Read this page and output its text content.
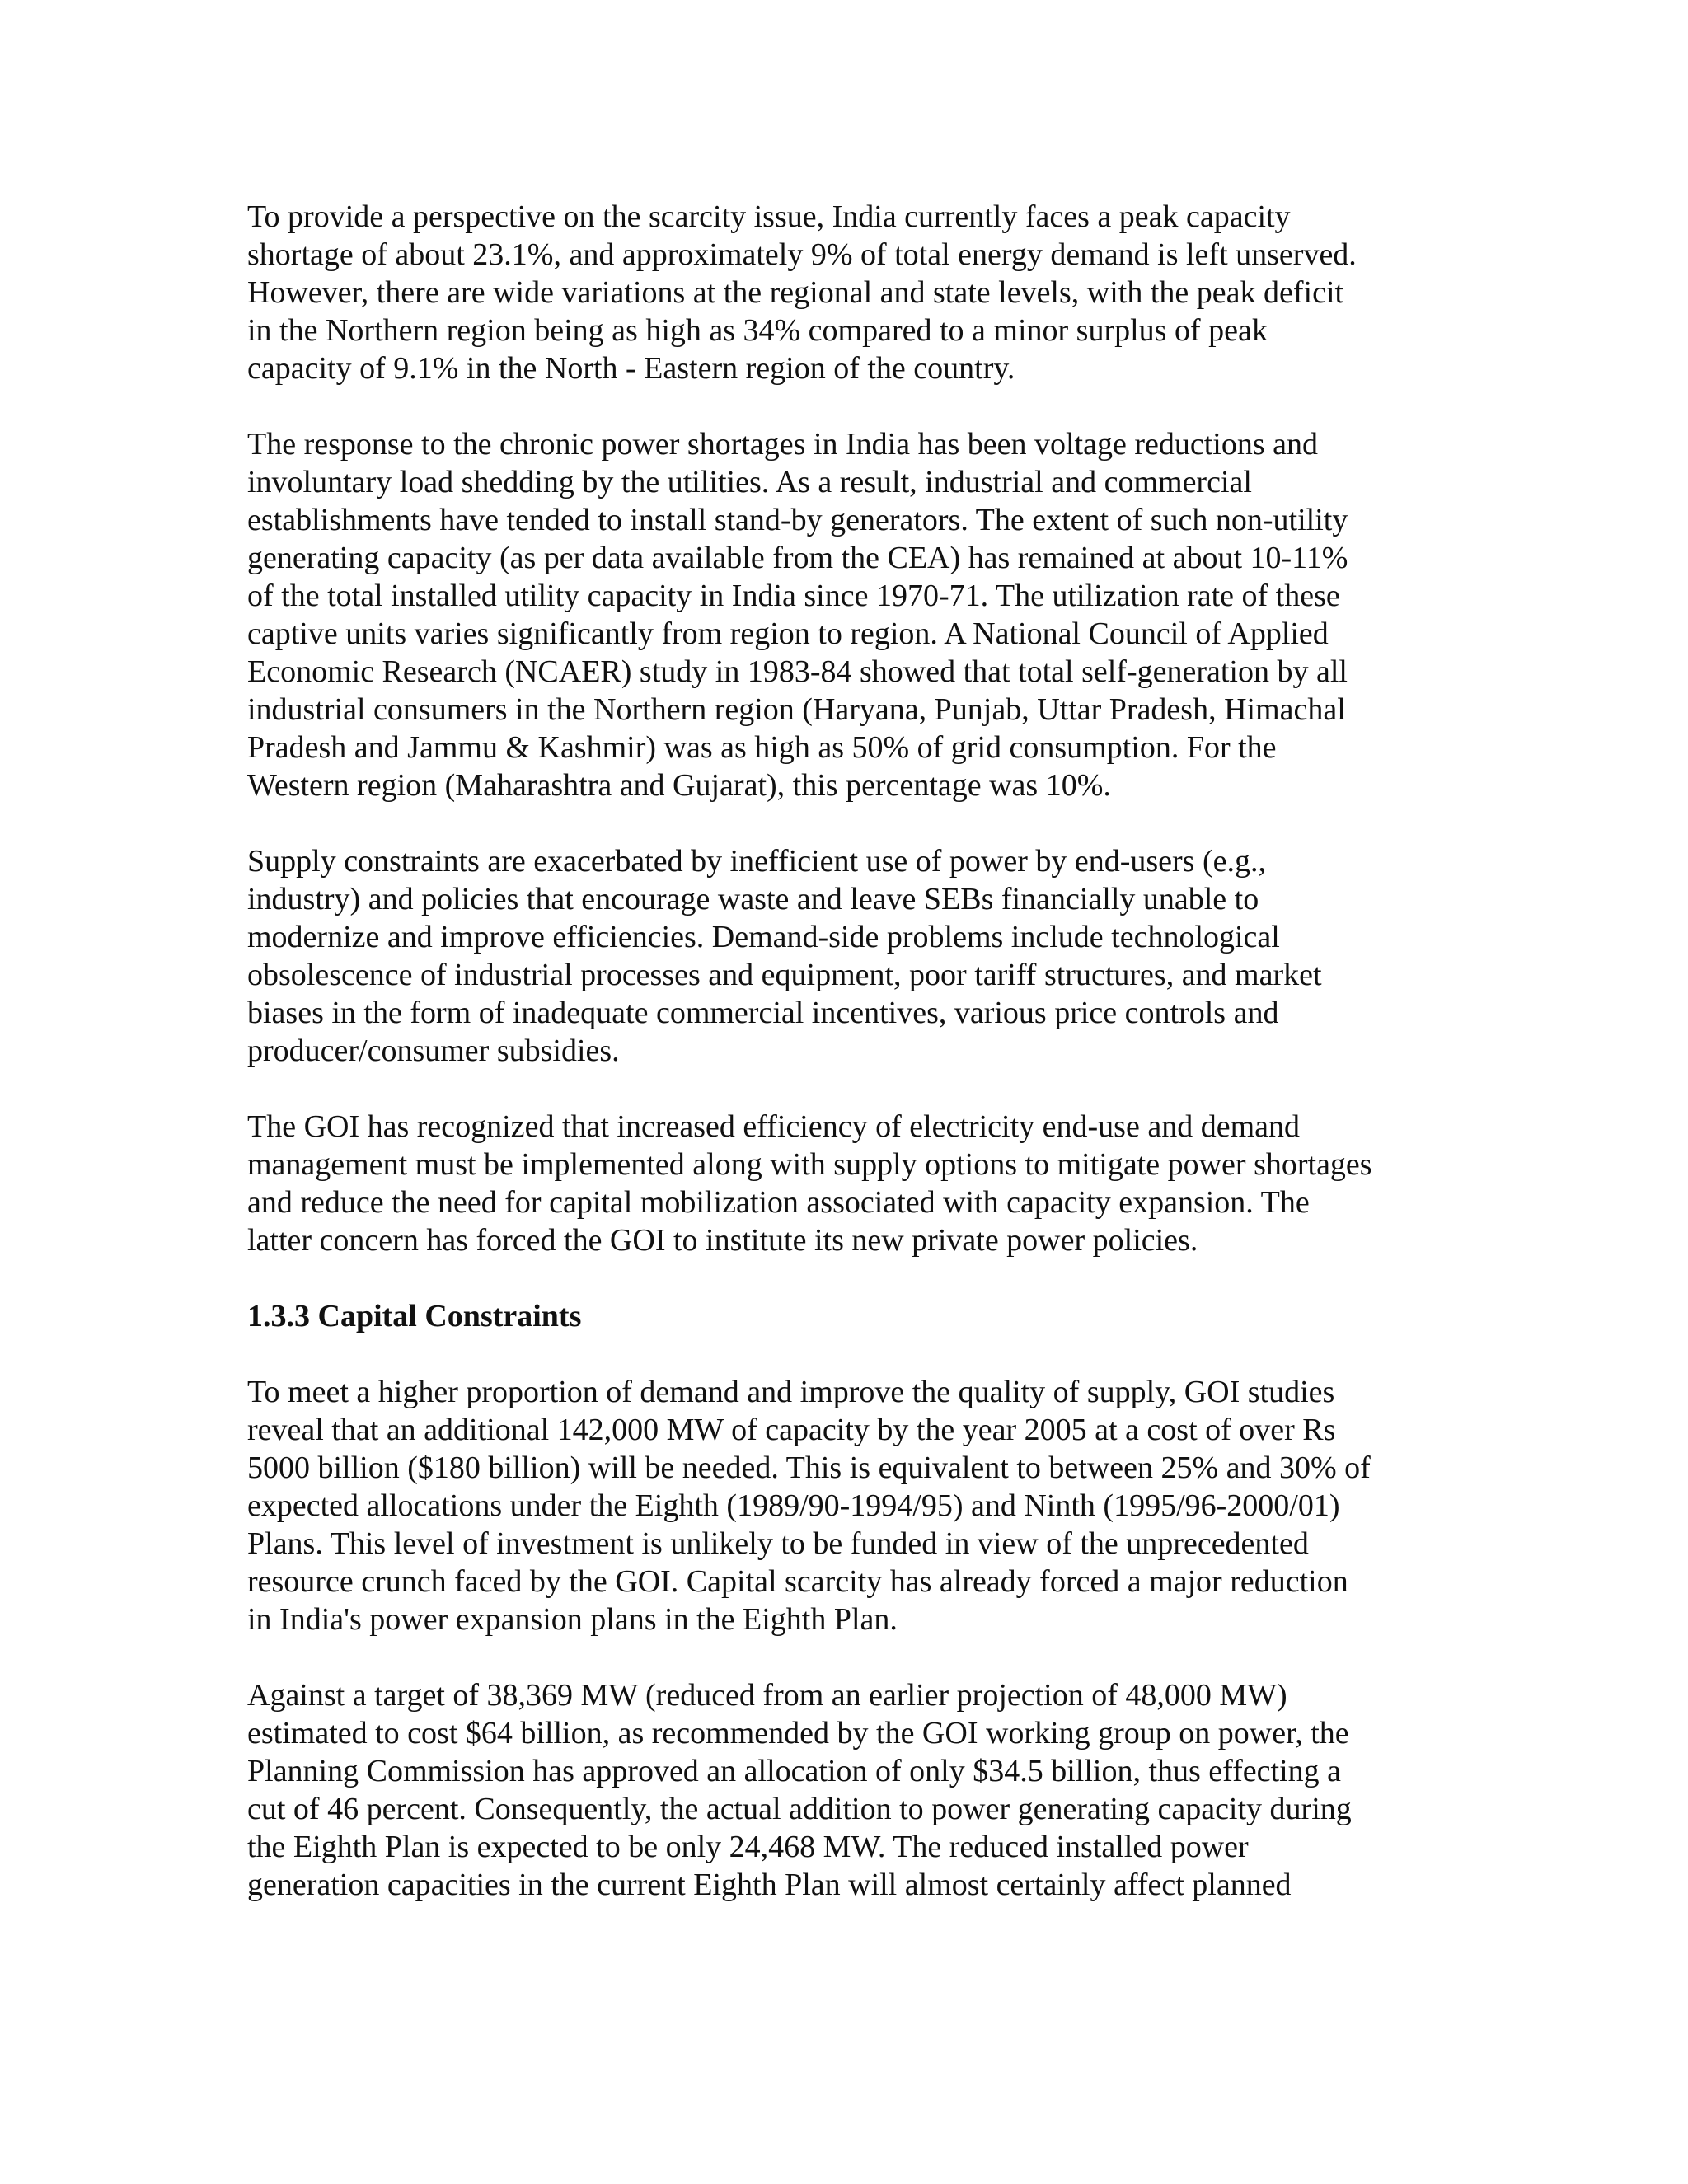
To provide a perspective on the scarcity issue, India currently faces a peak capacity
shortage of about 23.1%, and approximately 9% of total energy demand is left unserved.
However, there are wide variations at the regional and state levels, with the peak deficit
in the Northern region being as high as 34% compared to a minor surplus of peak
capacity of 9.1% in the North - Eastern region of the country.
The response to the chronic power shortages in India has been voltage reductions and
involuntary load shedding by the utilities. As a result, industrial and commercial
establishments have tended to install stand-by generators. The extent of such non-utility
generating capacity (as per data available from the CEA) has remained at about 10-11%
of the total installed utility capacity in India since 1970-71. The utilization rate of these
captive units varies significantly from region to region. A National Council of Applied
Economic Research (NCAER) study in 1983-84 showed that total self-generation by all
industrial consumers in the Northern region (Haryana, Punjab, Uttar Pradesh, Himachal
Pradesh and Jammu & Kashmir) was as high as 50% of grid consumption. For the
Western region (Maharashtra and Gujarat), this percentage was 10%.
Supply constraints are exacerbated by inefficient use of power by end-users (e.g.,
industry) and policies that encourage waste and leave SEBs financially unable to
modernize and improve efficiencies. Demand-side problems include technological
obsolescence of industrial processes and equipment, poor tariff structures, and market
biases in the form of inadequate commercial incentives, various price controls and
producer/consumer subsidies.
The GOI has recognized that increased efficiency of electricity end-use and demand
management must be implemented along with supply options to mitigate power shortages
and reduce the need for capital mobilization associated with capacity expansion. The
latter concern has forced the GOI to institute its new private power policies.
1.3.3 Capital Constraints
To meet a higher proportion of demand and improve the quality of supply, GOI studies
reveal that an additional 142,000 MW of capacity by the year 2005 at a cost of over Rs
5000 billion ($180 billion) will be needed. This is equivalent to between 25% and 30% of
expected allocations under the Eighth (1989/90-1994/95) and Ninth (1995/96-2000/01)
Plans. This level of investment is unlikely to be funded in view of the unprecedented
resource crunch faced by the GOI. Capital scarcity has already forced a major reduction
in India's power expansion plans in the Eighth Plan.
Against a target of 38,369 MW (reduced from an earlier projection of 48,000 MW)
estimated to cost $64 billion, as recommended by the GOI working group on power, the
Planning Commission has approved an allocation of only $34.5 billion, thus effecting a
cut of 46 percent. Consequently, the actual addition to power generating capacity during
the Eighth Plan is expected to be only 24,468 MW. The reduced installed power
generation capacities in the current Eighth Plan will almost certainly affect planned
